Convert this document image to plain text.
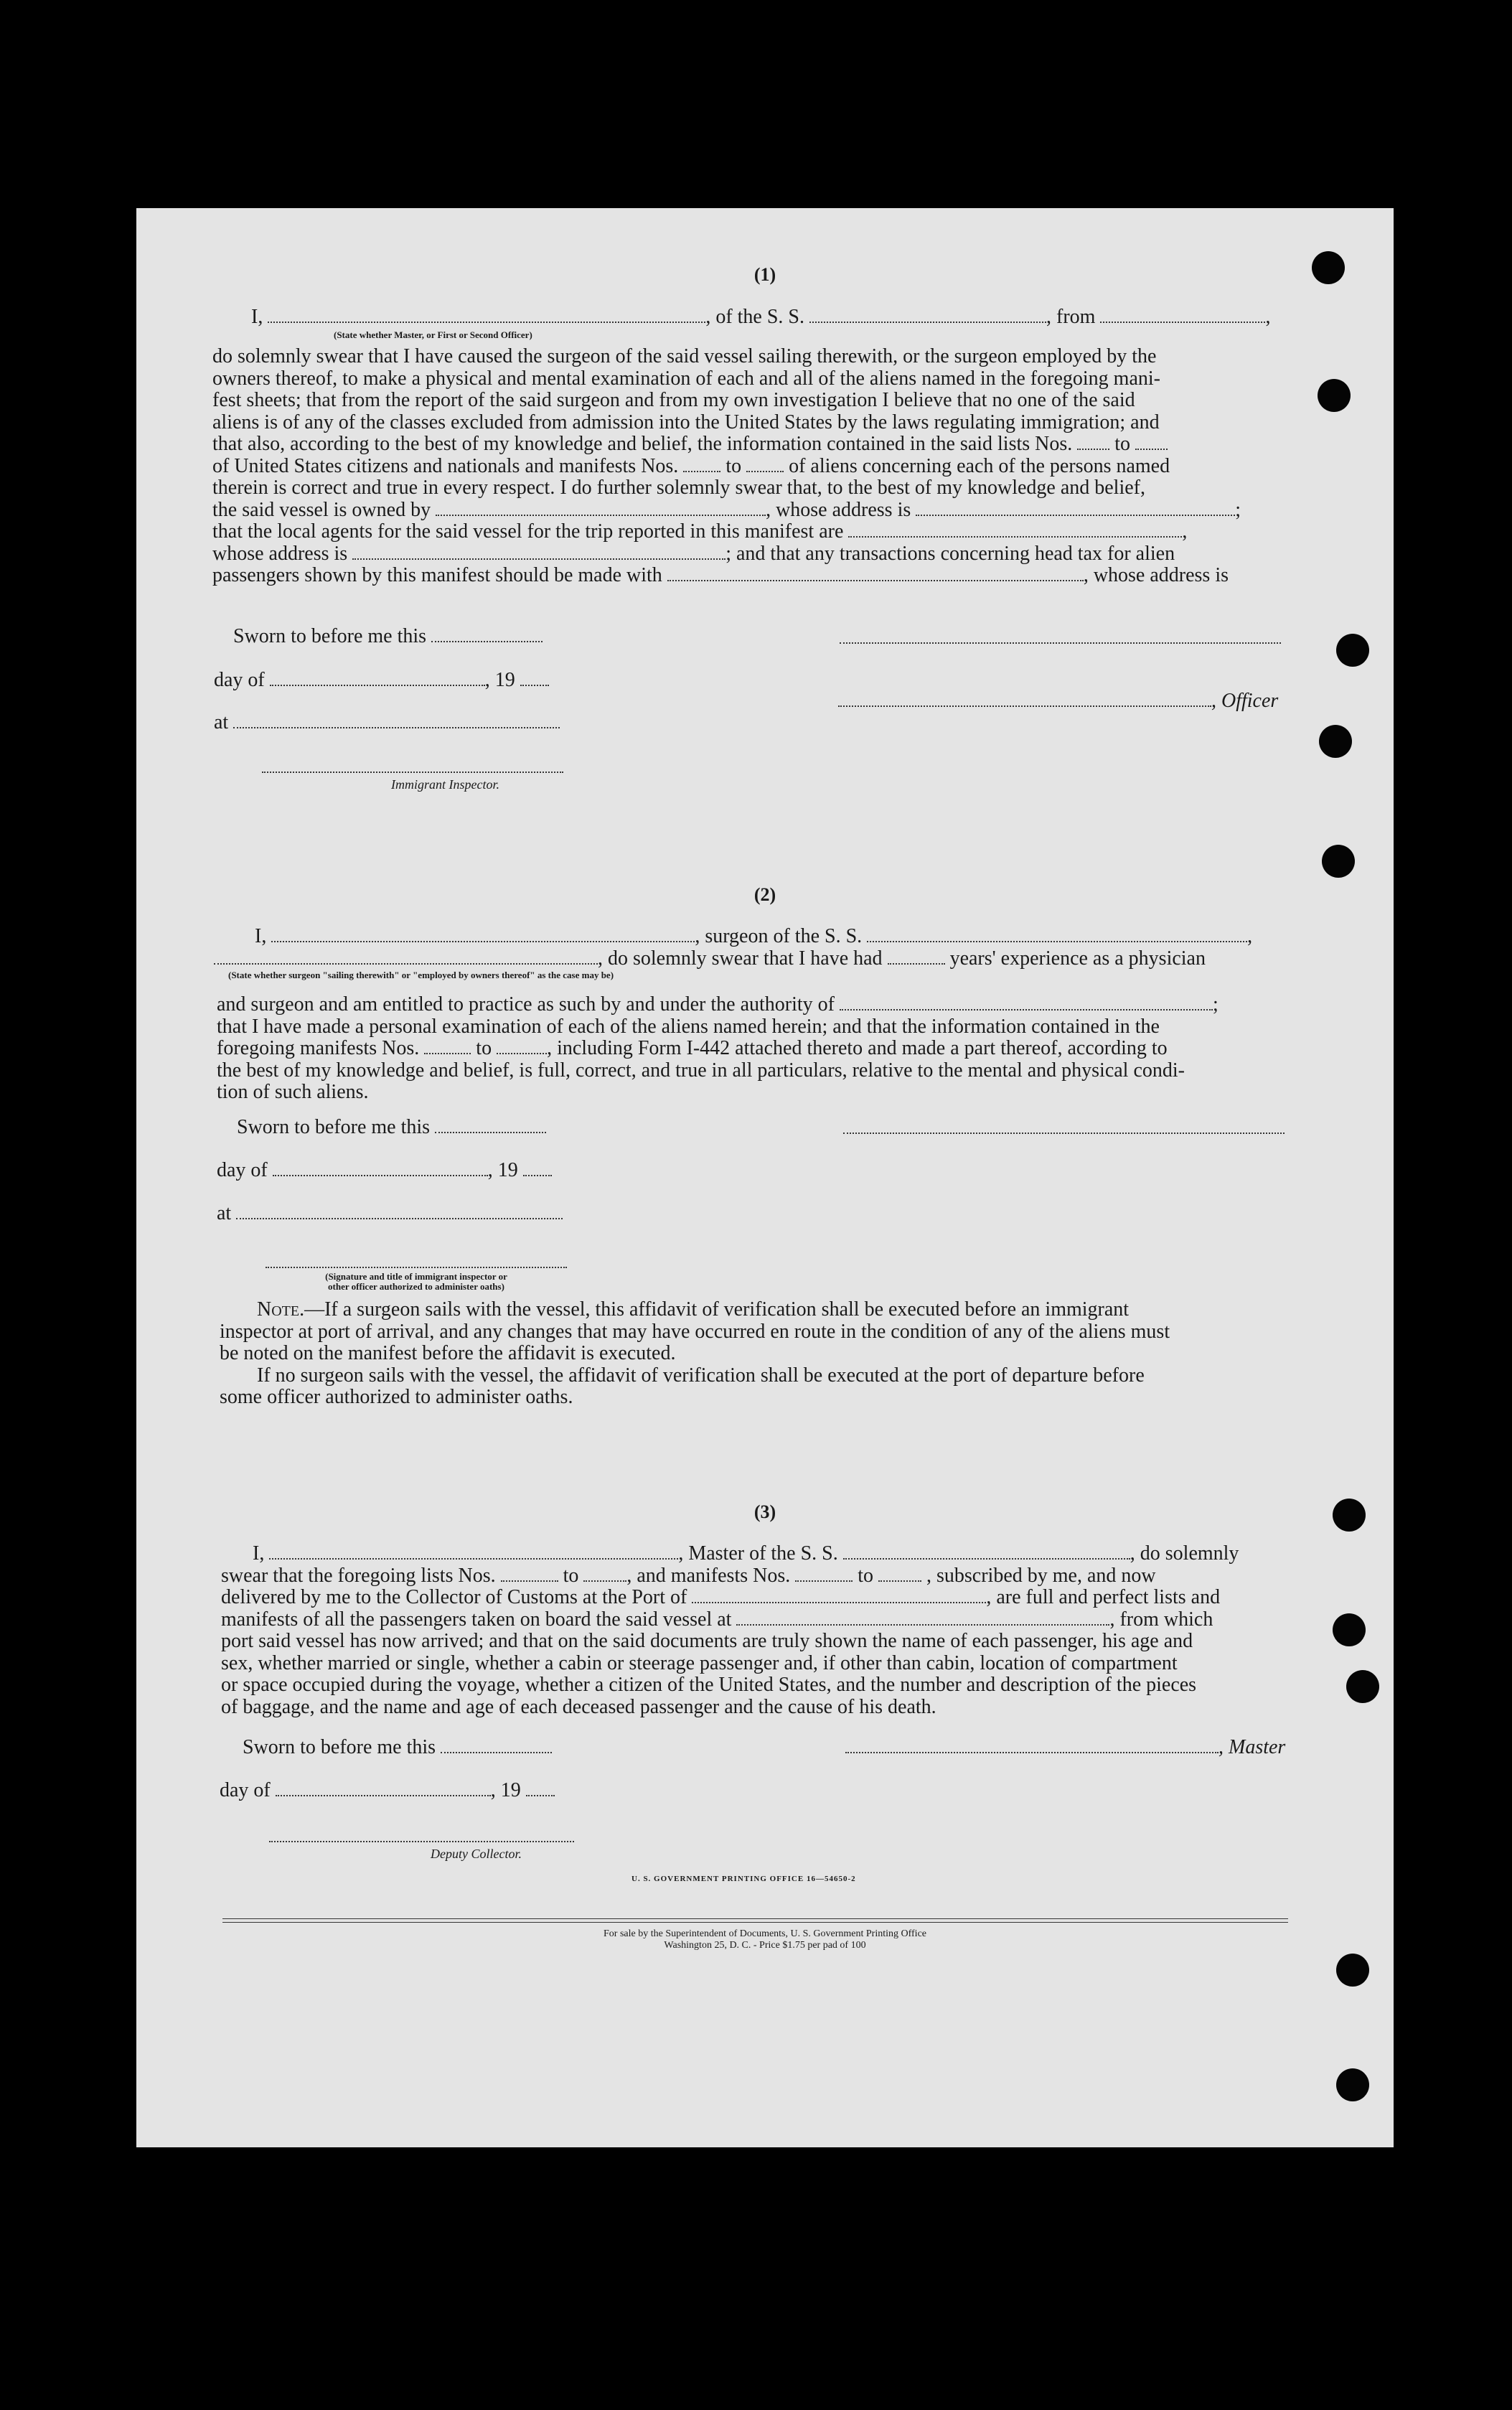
(1)
I,	, of the S. S.	, from	,
(State whether Master, or First or Second Officer)
do solemnly swear that I have caused the surgeon of the said vessel sailing therewith, or the surgeon employed by the
owners thereof, to make a physical and mental examination of each and all of the aliens named in the foregoing mani-
fest sheets; that from the report of the said surgeon and from my own investigation I believe that no one of the said
aliens is of any of the classes excluded from admission into the United States by the laws regulating immigration; and
that also, according to the best of my knowledge and belief, the information contained in the said lists Nos. to
of United States citizens and nationals and manifests Nos. to of aliens concerning each of the persons named
therein is correct and true in every respect. I do further solemnly swear that, to the best of my knowledge and belief,
the said vessel is owned by	, whose address is	;
that the local agents for the said vessel for the trip reported in this manifest are	,
whose address is	; and that any transactions concerning head tax for alien
passengers shown by this manifest should be made with	, whose address is
Sworn to before me this
day of	, 19
at
Immigrant Inspector.
, Officer
(2)
I,	, surgeon of the S. S.	,
, do solemnly swear that I have had	years' experience as a physician
(State whether surgeon "sailing therewith" or "employed by owners thereof" as the case may be)
and surgeon and am entitled to practice as such by and under the authority of	;
that I have made a personal examination of each of the aliens named herein; and that the information contained in the
foregoing manifests Nos.	to	, including Form I-442 attached thereto and made a part thereof, according to
the best of my knowledge and belief, is full, correct, and true in all particulars, relative to the mental and physical condi-
tion of such aliens.
Sworn to before me this
day of	, 19
at
(Signature and title of immigrant inspector or
other officer authorized to administer oaths)
Note.—If a surgeon sails with the vessel, this affidavit of verification shall be executed before an immigrant
inspector at port of arrival, and any changes that may have occurred en route in the condition of any of the aliens must
be noted on the manifest before the affidavit is executed.
If no surgeon sails with the vessel, the affidavit of verification shall be executed at the port of departure before
some officer authorized to administer oaths.
(3)
I,	, Master of the S. S.	, do solemnly
swear that the foregoing lists Nos.	to , and manifests Nos.	to	, subscribed by me, and now
delivered by me to the Collector of Customs at the Port of	, are full and perfect lists and
manifests of all the passengers taken on board the said vessel at	, from which
port said vessel has now arrived; and that on the said documents are truly shown the name of each passenger, his age and
sex, whether married or single, whether a cabin or steerage passenger and, if other than cabin, location of compartment
or space occupied during the voyage, whether a citizen of the United States, and the number and description of the pieces
of baggage, and the name and age of each deceased passenger and the cause of his death.
Sworn to before me this	, Master
day of	, 19
Deputy Collector.
U. S. GOVERNMENT PRINTING OFFICE 16—54650-2
For sale by the Superintendent of Documents, U. S. Government Printing Office
Washington 25, D. C. - Price $1.75 per pad of 100
